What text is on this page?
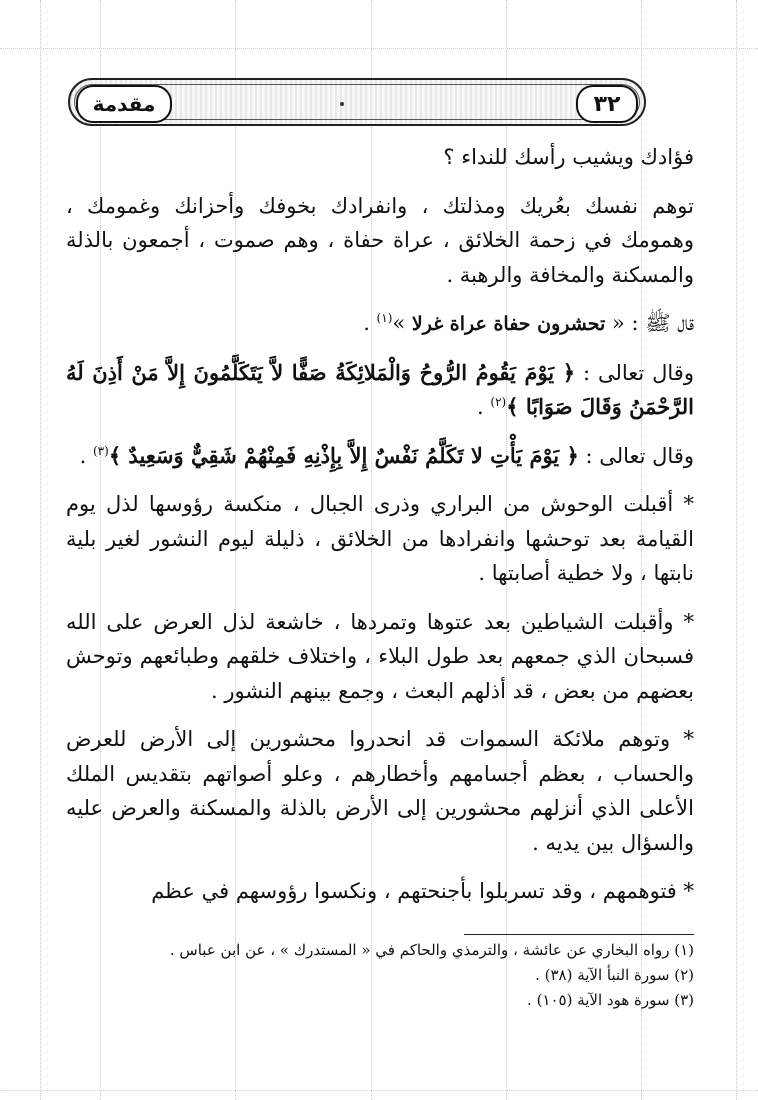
مقدمة	٣٢

فؤادك ويشيب رأسك للنداء ؟

توهم نفسك بعُريك ومذلتك ، وانفرادك بخوفك وأحزانك وغمومك ، وهمومك في زحمة الخلائق ، عراة حفاة ، وهم صموت ، أجمعون بالذلة والمسكنة والمخافة والرهبة .

قال ﷺ : « تحشرون حفاة عراة غرلا »$^{(١)}$ .

وقال تعالى : ﴿ يَوْمَ يَقُومُ الرُّوحُ وَالْمَلائِكَةُ صَفًّا لاَّ يَتَكَلَّمُونَ إِلاَّ مَنْ أَذِنَ لَهُ الرَّحْمَنُ وَقَالَ صَوَابًا ﴾$^{(٢)}$ .

وقال تعالى : ﴿ يَوْمَ يَأْتِ لا تَكَلَّمُ نَفْسٌ إِلاَّ بِإِذْنِهِ فَمِنْهُمْ شَقِيٌّ وَسَعِيدٌ ﴾$^{(٣)}$ .

* أقبلت الوحوش من البراري وذرى الجبال ، منكسة رؤوسها لذل يوم القيامة بعد توحشها وانفرادها من الخلائق ، ذليلة ليوم النشور لغير بلية نابتها ، ولا خطية أصابتها .

* وأقبلت الشياطين بعد عتوها وتمردها ، خاشعة لذل العرض على الله فسبحان الذي جمعهم بعد طول البلاء ، واختلاف خلقهم وطبائعهم وتوحش بعضهم من بعض ، قد أذلهم البعث ، وجمع بينهم النشور .

* وتوهم ملائكة السموات قد انحدروا محشورين إلى الأرض للعرض والحساب ، بعظم أجسامهم وأخطارهم ، وعلو أصواتهم بتقديس الملك الأعلى الذي أنزلهم محشورين إلى الأرض بالذلة والمسكنة والعرض عليه والسؤال بين يديه .

* فتوهمهم ، وقد تسربلوا بأجنحتهم ، ونكسوا رؤوسهم في عظم

(١) رواه البخاري عن عائشة ، والترمذي والحاكم في « المستدرك » ، عن ابن عباس .

(٢) سورة النبأ الآية (٣٨) .

(٣) سورة هود الآية (١٠٥) .
